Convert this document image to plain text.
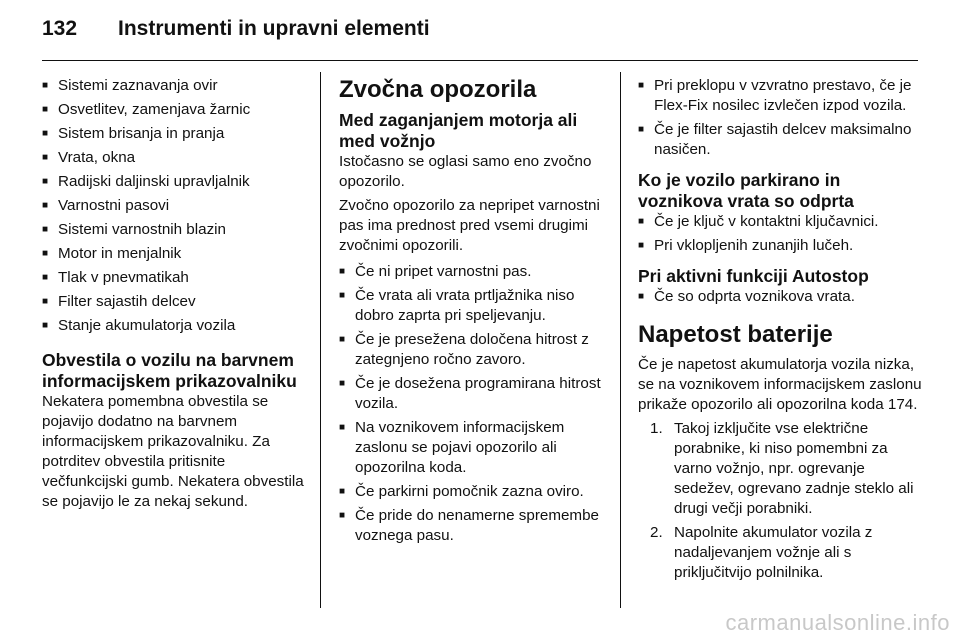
132 Instrumenti in upravni elementi
■ Sistemi zaznavanja ovir
■ Osvetlitev, zamenjava žarnic
■ Sistem brisanja in pranja
■ Vrata, okna
■ Radijski daljinski upravljalnik
■ Varnostni pasovi
■ Sistemi varnostnih blazin
■ Motor in menjalnik
■ Tlak v pnevmatikah
■ Filter sajastih delcev
■ Stanje akumulatorja vozila
Obvestila o vozilu na barvnem informacijskem prikazovalniku

Nekatera pomembna obvestila se pojavijo dodatno na barvnem informacijskem prikazovalniku. Za potrditev obvestila pritisnite večfunkcijski gumb. Nekatera obvestila se pojavijo le za nekaj sekund.

Zvočna opozorila
Med zaganjanjem motorja ali med vožnjo

Istočasno se oglasi samo eno zvočno opozorilo.

Zvočno opozorilo za nepripet varnostni pas ima prednost pred vsemi drugimi zvočnimi opozorili.

■ Če ni pripet varnostni pas.
■ Če vrata ali vrata prtljažnika niso dobro zaprta pri speljevanju.
■ Če je presežena določena hitrost z zategnjeno ročno zavoro.
■ Če je dosežena programirana hitrost vozila.
■ Na voznikovem informacijskem zaslonu se pojavi opozorilo ali opozorilna koda.
■ Če parkirni pomočnik zazna oviro.
■ Če pride do nenamerne spremembe voznega pasu.
■ Pri preklopu v vzvratno prestavo, če je Flex-Fix nosilec izvlečen izpod vozila.
■ Če je filter sajastih delcev maksimalno nasičen.
Ko je vozilo parkirano in voznikova vrata so odprta
■ Če je ključ v kontaktni ključavnici.
■ Pri vklopljenih zunanjih lučeh.
Pri aktivni funkciji Autostop
■ Če so odprta voznikova vrata.
Napetost baterije

Če je napetost akumulatorja vozila nizka, se na voznikovem informacijskem zaslonu prikaže opozorilo ali opozorilna koda 174.

1. Takoj izključite vse električne porabnike, ki niso pomembni za varno vožnjo, npr. ogrevanje sedežev, ogrevano zadnje steklo ali drugi večji porabniki.
2. Napolnite akumulator vozila z nadaljevanjem vožnje ali s priključitvijo polnilnika.
carmanualsonline.info
